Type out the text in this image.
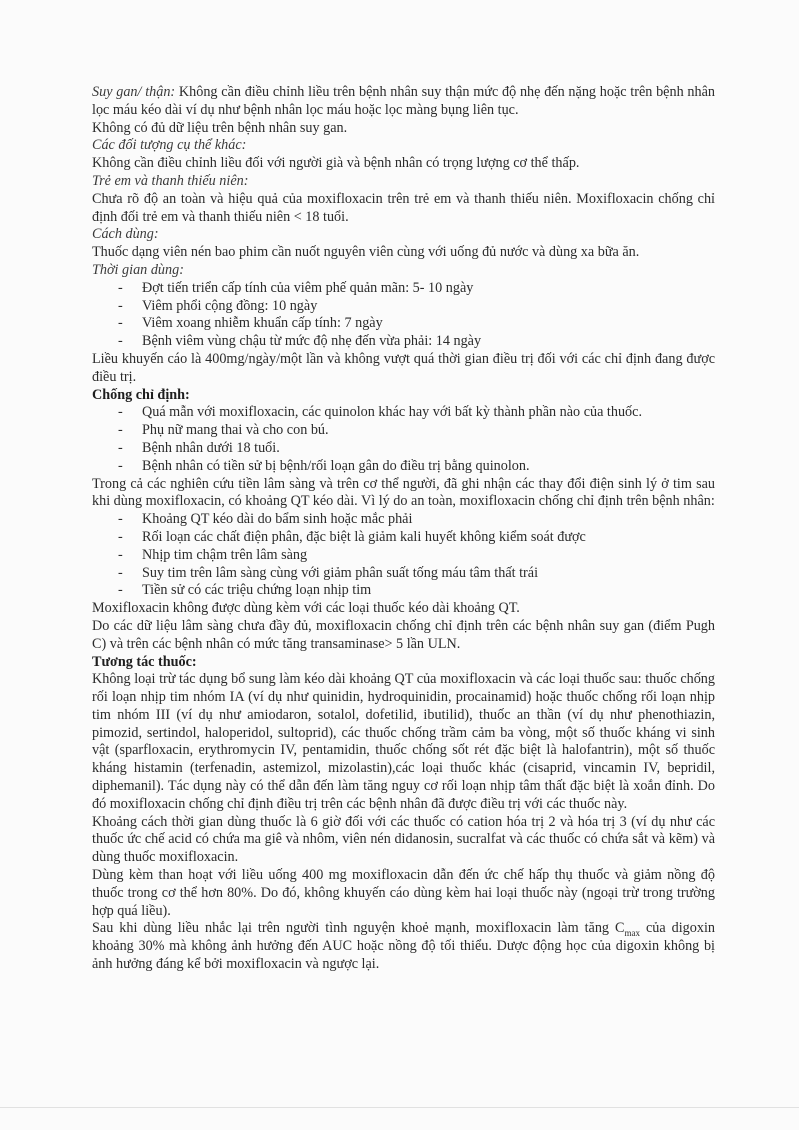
Suy gan/ thận: Không cần điều chỉnh liều trên bệnh nhân suy thận mức độ nhẹ đến nặng hoặc trên bệnh nhân lọc máu kéo dài ví dụ như bệnh nhân lọc máu hoặc lọc màng bụng liên tục.

Không có đủ dữ liệu trên bệnh nhân suy gan.

Các đối tượng cụ thể khác:

Không cần điều chỉnh liều đối với người già và bệnh nhân có trọng lượng cơ thể thấp.

Trẻ em và thanh thiếu niên:

Chưa rõ độ an toàn và hiệu quả của moxifloxacin trên trẻ em và thanh thiếu niên. Moxifloxacin chống chỉ định đối trẻ em và thanh thiếu niên < 18 tuổi.

Cách dùng:

Thuốc dạng viên nén bao phim cần nuốt nguyên viên cùng với uống đủ nước và dùng xa bữa ăn.

Thời gian dùng:

- Đợt tiến triển cấp tính của viêm phế quản mãn: 5- 10 ngày
- Viêm phổi cộng đồng: 10 ngày
- Viêm xoang nhiễm khuẩn cấp tính: 7 ngày
- Bệnh viêm vùng chậu từ mức độ nhẹ đến vừa phải: 14 ngày

Liều khuyến cáo là 400mg/ngày/một lần và không vượt quá thời gian điều trị đối với các chỉ định đang được điều trị.

Chống chỉ định:

- Quá mẫn với moxifloxacin, các quinolon khác hay với bất kỳ thành phần nào của thuốc.
- Phụ nữ mang thai và cho con bú.
- Bệnh nhân dưới 18 tuổi.
- Bệnh nhân có tiền sử bị bệnh/rối loạn gân do điều trị bằng quinolon.

Trong cả các nghiên cứu tiền lâm sàng và trên cơ thể người, đã ghi nhận các thay đổi điện sinh lý ở tim sau khi dùng moxifloxacin, có khoảng QT kéo dài. Vì lý do an toàn, moxifloxacin chống chỉ định trên bệnh nhân:

- Khoảng QT kéo dài do bẩm sinh hoặc mắc phải
- Rối loạn các chất điện phân, đặc biệt là giảm kali huyết không kiểm soát được
- Nhịp tim chậm trên lâm sàng
- Suy tim trên lâm sàng cùng với giảm phân suất tống máu tâm thất trái
- Tiền sử có các triệu chứng loạn nhịp tim

Moxifloxacin không được dùng kèm với các loại thuốc kéo dài khoảng QT.

Do các dữ liệu lâm sàng chưa đầy đủ, moxifloxacin chống chỉ định trên các bệnh nhân suy gan (điểm Pugh C) và trên các bệnh nhân có mức tăng transaminase> 5 lần ULN.

Tương tác thuốc:

Không loại trừ tác dụng bổ sung làm kéo dài khoảng QT của moxifloxacin và các loại thuốc sau: thuốc chống rối loạn nhịp tim nhóm IA (ví dụ như quinidin, hydroquinidin, procainamid) hoặc thuốc chống rối loạn nhịp tim nhóm III (ví dụ như amiodaron, sotalol, dofetilid, ibutilid), thuốc an thần (ví dụ như phenothiazin, pimozid, sertindol, haloperidol, sultoprid), các thuốc chống trầm cảm ba vòng, một số thuốc kháng vi sinh vật (sparfloxacin, erythromycin IV, pentamidin, thuốc chống sốt rét đặc biệt là halofantrin), một số thuốc kháng histamin (terfenadin, astemizol, mizolastin),các loại thuốc khác (cisaprid, vincamin IV, bepridil, diphemanil). Tác dụng này có thể dẫn đến làm tăng nguy cơ rối loạn nhịp tâm thất đặc biệt là xoắn đỉnh. Do đó moxifloxacin chống chỉ định điều trị trên các bệnh nhân đã được điều trị với các thuốc này.

Khoảng cách thời gian dùng thuốc là 6 giờ đối với các thuốc có cation hóa trị 2 và hóa trị 3 (ví dụ như các thuốc ức chế acid có chứa ma giê và nhôm, viên nén didanosin, sucralfat và các thuốc có chứa sắt và kẽm) và dùng thuốc moxifloxacin.

Dùng kèm than hoạt với liều uống 400 mg moxifloxacin dẫn đến ức chế hấp thụ thuốc và giảm nồng độ thuốc trong cơ thể hơn 80%. Do đó, không khuyến cáo dùng kèm hai loại thuốc này (ngoại trừ trong trường hợp quá liều).

Sau khi dùng liều nhắc lại trên người tình nguyện khoẻ mạnh, moxifloxacin làm tăng $C_{max}$ của digoxin khoảng 30% mà không ảnh hưởng đến AUC hoặc nồng độ tối thiểu. Dược động học của digoxin không bị ảnh hưởng đáng kể bởi moxifloxacin và ngược lại.
